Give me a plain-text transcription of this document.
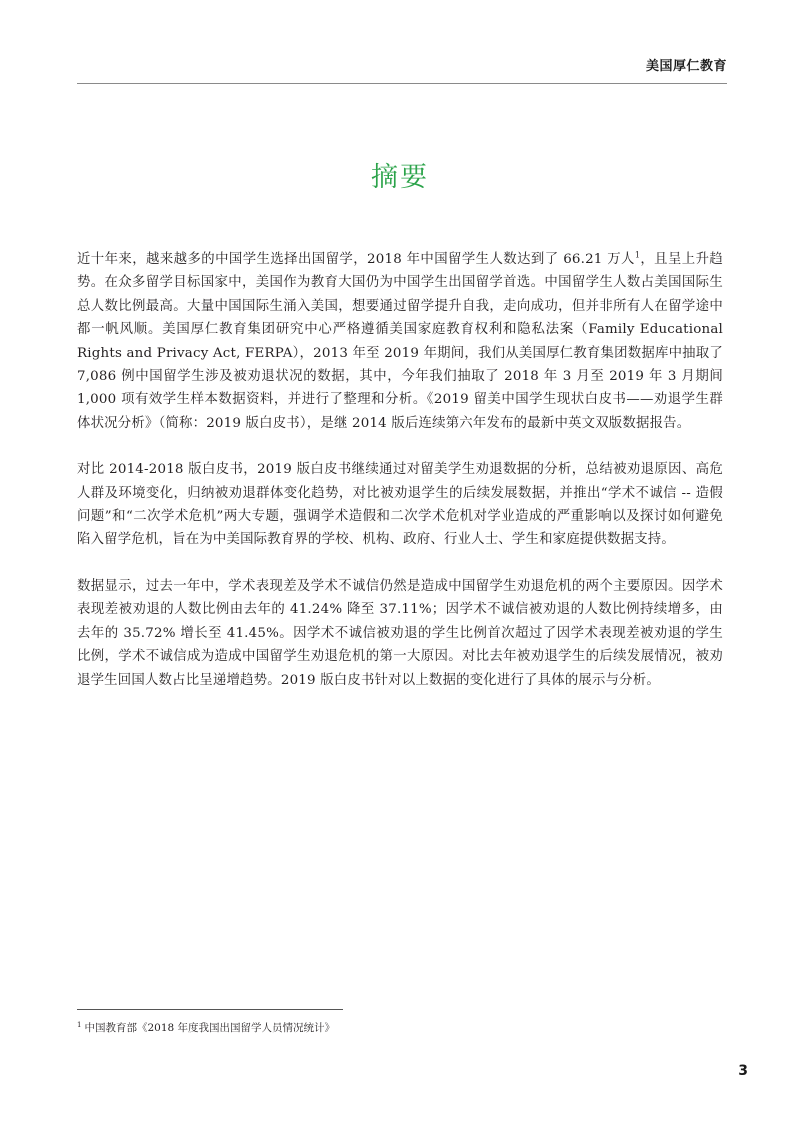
美国厚仁教育
摘要

近十年来，越来越多的中国学生选择出国留学，2018 年中国留学生人数达到了 66.21 万人$^1$，且呈上升趋势。在众多留学目标国家中，美国作为教育大国仍为中国学生出国留学首选。中国留学生人数占美国国际生总人数比例最高。大量中国国际生涌入美国，想要通过留学提升自我，走向成功，但并非所有人在留学途中都一帆风顺。美国厚仁教育集团研究中心严格遵循美国家庭教育权利和隐私法案（Family Educational Rights and Privacy Act, FERPA），2013 年至 2019 年期间，我们从美国厚仁教育集团数据库中抽取了 7,086 例中国留学生涉及被劝退状况的数据，其中，今年我们抽取了 2018 年 3 月至 2019 年 3 月期间 1,000 项有效学生样本数据资料，并进行了整理和分析。《2019 留美中国学生现状白皮书——劝退学生群体状况分析》（简称：2019 版白皮书），是继 2014 版后连续第六年发布的最新中英文双版数据报告。

对比 2014-2018 版白皮书，2019 版白皮书继续通过对留美学生劝退数据的分析，总结被劝退原因、高危人群及环境变化，归纳被劝退群体变化趋势，对比被劝退学生的后续发展数据，并推出“学术不诚信 -- 造假问题”和“二次学术危机”两大专题，强调学术造假和二次学术危机对学业造成的严重影响以及探讨如何避免陷入留学危机，旨在为中美国际教育界的学校、机构、政府、行业人士、学生和家庭提供数据支持。

数据显示，过去一年中，学术表现差及学术不诚信仍然是造成中国留学生劝退危机的两个主要原因。因学术表现差被劝退的人数比例由去年的 41.24% 降至 37.11%；因学术不诚信被劝退的人数比例持续增多，由去年的 35.72% 增长至 41.45%。因学术不诚信被劝退的学生比例首次超过了因学术表现差被劝退的学生比例，学术不诚信成为造成中国留学生劝退危机的第一大原因。对比去年被劝退学生的后续发展情况，被劝退学生回国人数占比呈递增趋势。2019 版白皮书针对以上数据的变化进行了具体的展示与分析。

$^1$ 中国教育部《2018 年度我国出国留学人员情况统计》
3
